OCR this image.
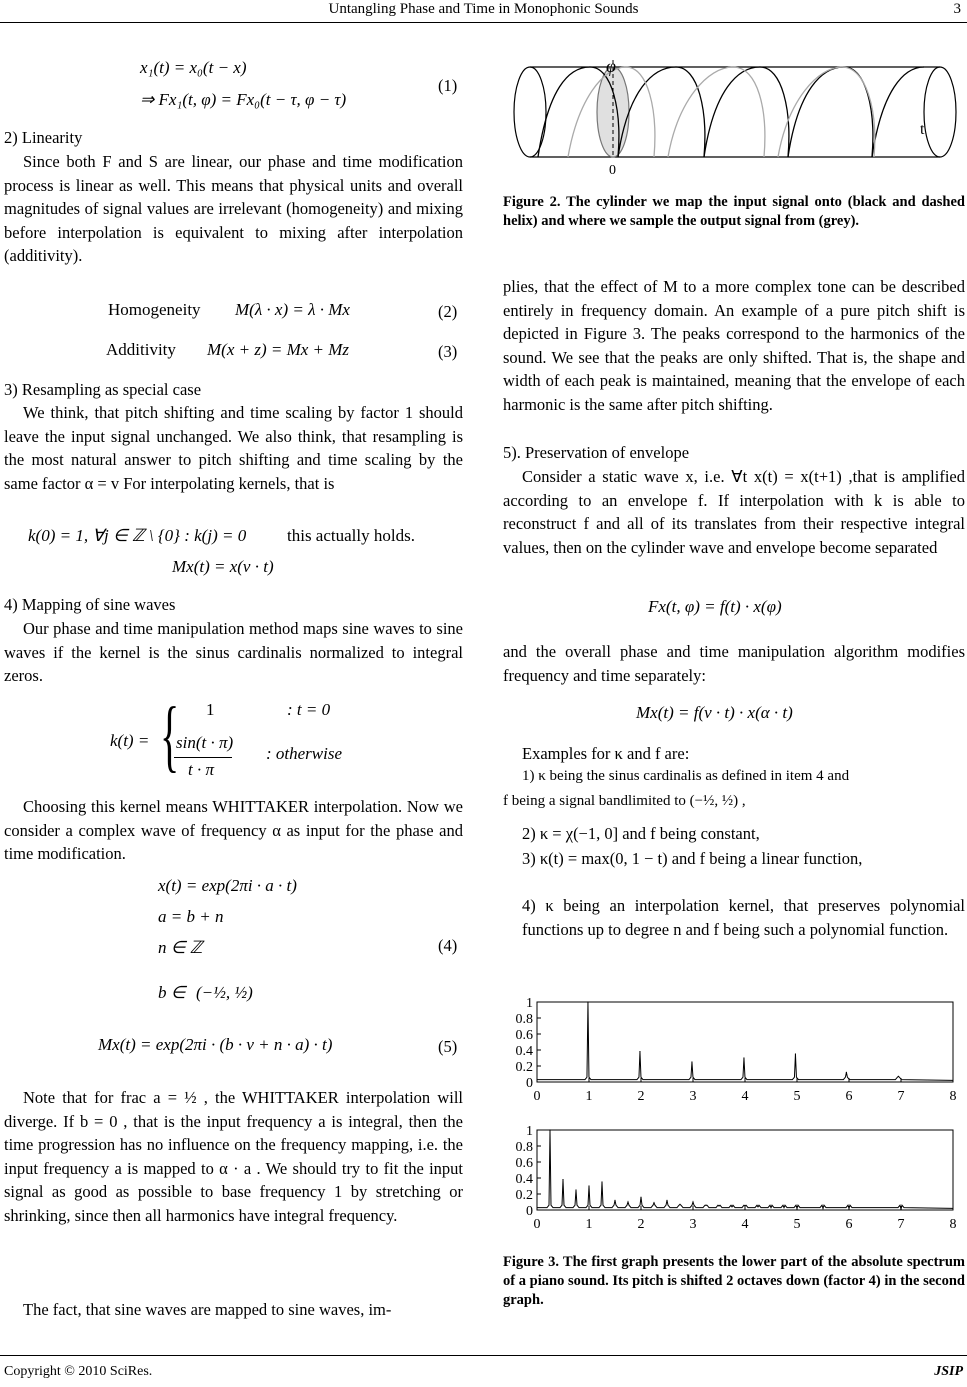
Untangling Phase and Time in Monophonic Sounds	3
x₁(t) = x₀(t − x)
⇒ Fx₁(t, φ) = Fx₀(t − τ, φ − τ)
(1)
2) Linearity
Since both F and S are linear, our phase and time modification process is linear as well. This means that physical units and overall magnitudes of signal values are irrelevant (homogeneity) and mixing before interpolation is equivalent to mixing after interpolation (additivity).
Homogeneity M(λ · x) = λ · Mx	(2)
Additivity M(x + z) = Mx + Mz	(3)
3) Resampling as special case
We think, that pitch shifting and time scaling by factor 1 should leave the input signal unchanged. We also think, that resampling is the most natural answer to pitch shifting and time scaling by the same factor α = v For interpolating kernels, that is
k(0) = 1, ∀j ∈ ℤ \ {0} : k(j) = 0 this actually holds.
Mx(t) = x(v · t)
4) Mapping of sine waves
Our phase and time manipulation method maps sine waves to sine waves if the kernel is the sinus cardinalis normalized to integral zeros.
k(t) = { 1	: t = 0
sin(t · π)
t · π
: otherwise
Choosing this kernel means WHITTAKER interpolation. Now we consider a complex wave of frequency α as input for the phase and time modification.
x(t) = exp(2πi · a · t)
a = b + n
n ∈ ℤ
b ∈ (−½, ½)
(4)
Mx(t) = exp(2πi · (b · v + n · a) · t)	(5)
Note that for frac a = ½ , the WHITTAKER interpolation will diverge. If b = 0 , that is the input frequency a is integral, then the time progression has no influence on the frequency mapping, i.e. the input frequency a is mapped to α · a . We should try to fit the input signal as good as possible to base frequency 1 by stretching or shrinking, since then all harmonics have integral frequency.
The fact, that sine waves are mapped to sine waves, im-
φ
t
0
Figure 2. The cylinder we map the input signal onto (black and dashed helix) and where we sample the output signal from (grey).
plies, that the effect of M to a more complex tone can be described entirely in frequency domain. An example of a pure pitch shift is depicted in Figure 3. The peaks correspond to the harmonics of the sound. We see that the peaks are only shifted. That is, the shape and width of each peak is maintained, meaning that the envelope of each harmonic is the same after pitch shifting.
5). Preservation of envelope
Consider a static wave x, i.e. ∀t x(t) = x(t+1) ,that is amplified according to an envelope f. If interpolation with k is able to reconstruct f and all of its translates from their respective integral values, then on the cylinder wave and envelope become separated
Fx(t, φ) = f(t) · x(φ)
and the overall phase and time manipulation algorithm modifies frequency and time separately:
Mx(t) = f(v · t) · x(α · t)
Examples for κ and f are:
1) κ being the sinus cardinalis as defined in item 4 and
f being a signal bandlimited to (−½, ½) ,
2) κ = χ(−1, 0] and f being constant,
3) κ(t) = max(0, 1 − t) and f being a linear function,
4) κ being an interpolation kernel, that preserves polynomial functions up to degree n and f being such a polynomial function.
0
0.2
0.4
0.6
0.8
1
0	1	2	3	4	5	6	7	8
0
0.2
0.4
0.6
0.8
1
0	1	2	3	4	5	6	7	8
Figure 3. The first graph presents the lower part of the absolute spectrum of a piano sound. Its pitch is shifted 2 octaves down (factor 4) in the second graph.
Copyright © 2010 SciRes.	JSIP
